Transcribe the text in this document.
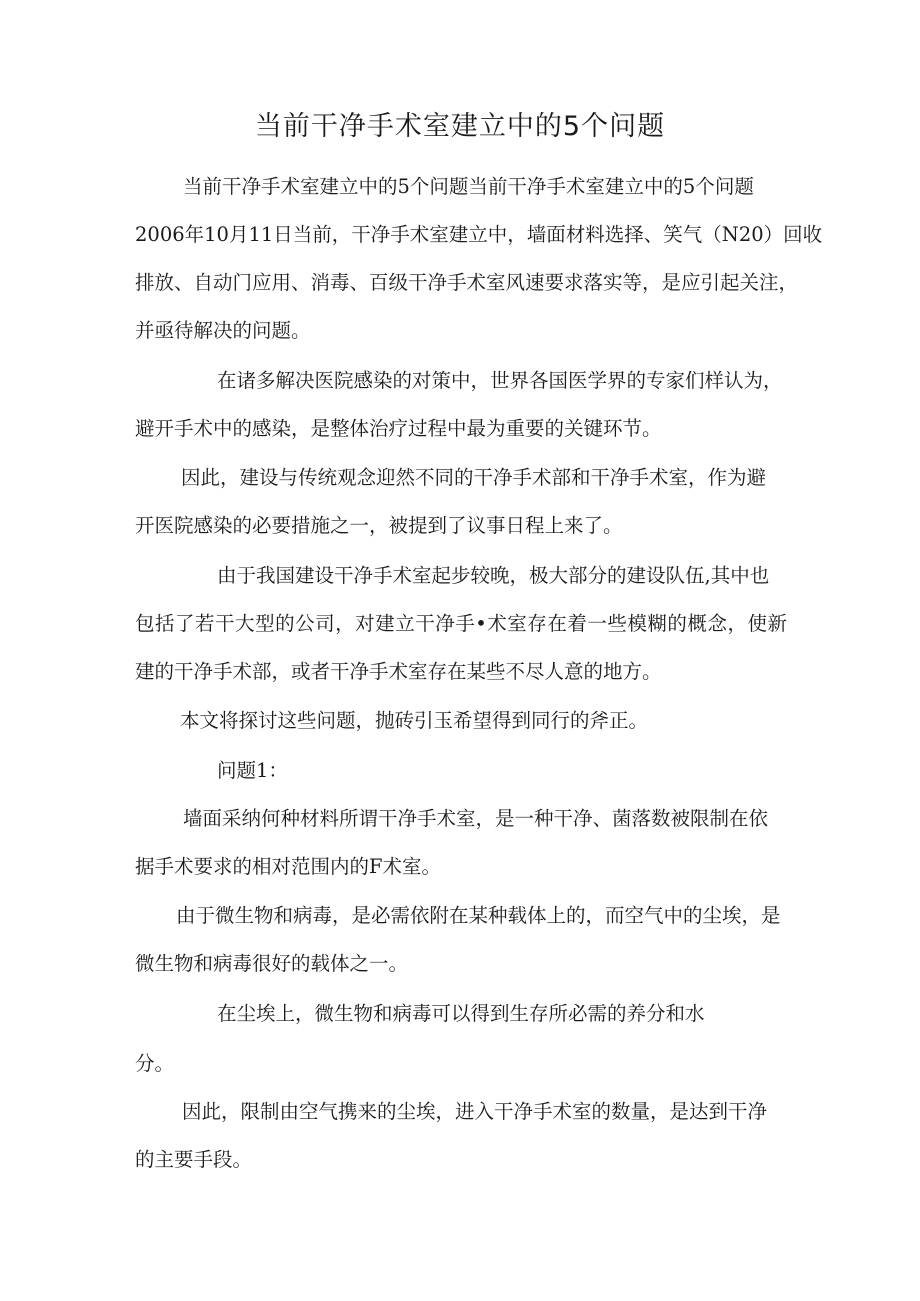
当前干净手术室建立中的5个问题
当前干净手术室建立中的5个问题当前干净手术室建立中的5个问题
2006年10月11日当前，干净手术室建立中，墙面材料选择、笑气（N20）回收
排放、自动门应用、消毒、百级干净手术室风速要求落实等，是应引起关注，
并亟待解决的问题。
在诸多解决医院感染的对策中，世界各国医学界的专家们样认为，
避开手术中的感染，是整体治疗过程中最为重要的关键环节。
因此，建设与传统观念迎然不同的干净手术部和干净手术室，作为避
开医院感染的必要措施之一，被提到了议事日程上来了。
由于我国建设干净手术室起步较晚，极大部分的建设队伍,其中也
包括了若干大型的公司，对建立干净手•术室存在着一些模糊的概念，使新
建的干净手术部，或者干净手术室存在某些不尽人意的地方。
本文将探讨这些问题，抛砖引玉希望得到同行的斧正。
问题1：
墙面采纳何种材料所谓干净手术室，是一种干净、菌落数被限制在依
据手术要求的相对范围内的F术室。
由于微生物和病毒，是必需依附在某种载体上的，而空气中的尘埃，是
微生物和病毒很好的载体之一。
在尘埃上，微生物和病毒可以得到生存所必需的养分和水
分。
因此，限制由空气携来的尘埃，进入干净手术室的数量，是达到干净
的主要手段。
